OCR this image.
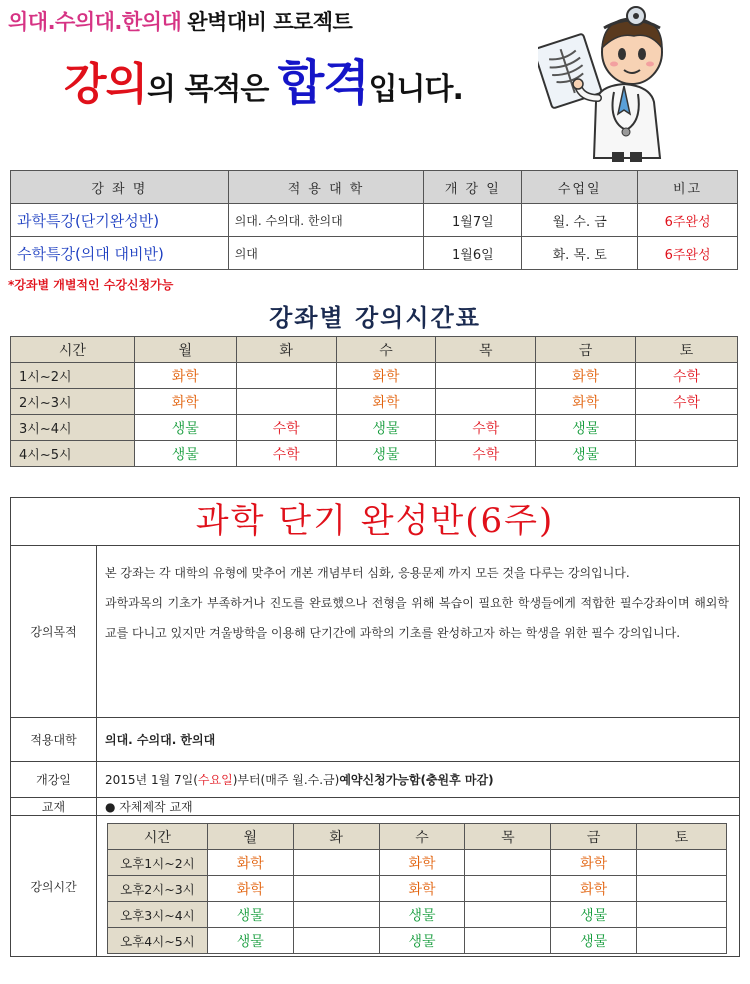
의대.수의대.한의대 완벽대비 프로젝트
강의의 목적은 합격입니다.
강 좌 명	적 용 대 학	개 강 일	수업일	비고
과학특강(단기완성반)	의대. 수의대. 한의대	1월7일	월. 수. 금	6주완성
수학특강(의대 대비반)	의대	1월6일	화. 목. 토	6주완성
*강좌별 개별적인 수강신청가능
강좌별 강의시간표
시간	월	화	수	목	금	토
1시~2시	화학		화학		화학	수학
2시~3시	화학		화학		화학	수학
3시~4시	생물	수학	생물	수학	생물	
4시~5시	생물	수학	생물	수학	생물	
과학 단기 완성반(6주)
강의목적
본 강좌는 각 대학의 유형에 맞추어 개본 개념부터 심화, 응용문제 까지 모든 것을 다루는 강의입니다.
과학과목의 기초가 부족하거나 진도를 완료했으나 전형을 위해 복습이 필요한 학생들에게 적합한 필수강좌이며 해외학교를 다니고 있지만 겨울방학을 이용해 단기간에 과학의 기초를 완성하고자 하는 학생을 위한 필수 강의입니다.
적용대학	의대. 수의대. 한의대
개강일	2015년 1월 7일( 수요일 )부터(매주 월.수.금) 예약신청가능함(충원후 마감)
교재	● 자체제작 교재
강의시간
시간	월	화	수	목	금	토
오후1시~2시	화학		화학		화학	
오후2시~3시	화학		화학		화학	
오후3시~4시	생물		생물		생물	
오후4시~5시	생물		생물		생물	
